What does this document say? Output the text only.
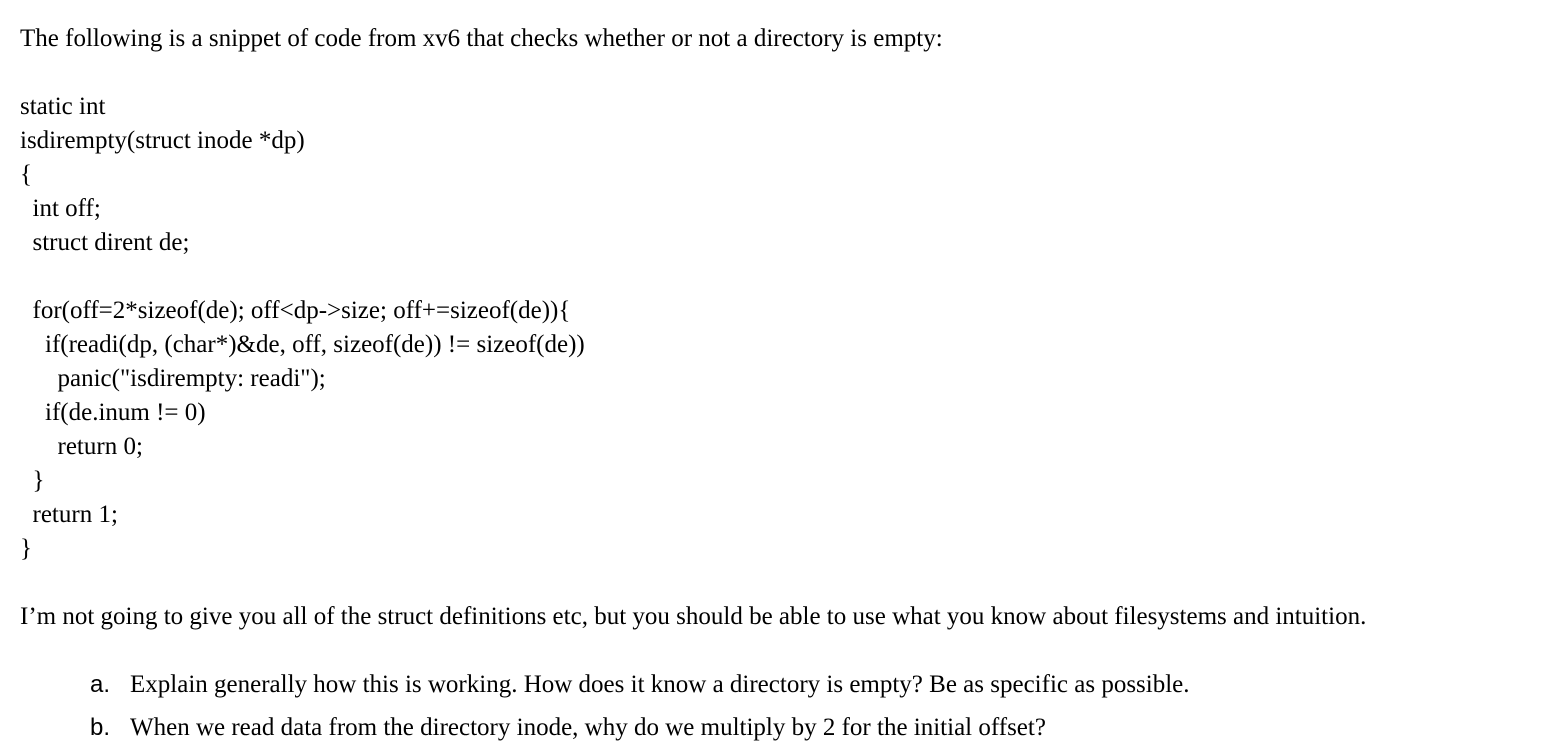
The following is a snippet of code from xv6 that checks whether or not a directory is empty:

static int
isdirempty(struct inode *dp)
{
int off;
struct dirent de;
for(off=2*sizeof(de); off<dp->size; off+=sizeof(de)){
if(readi(dp, (char*)&de, off, sizeof(de)) != sizeof(de))
panic("isdirempty: readi");
if(de.inum != 0)
return 0;
}
return 1;
}

I’m not going to give you all of the struct definitions etc, but you should be able to use what you know about filesystems and intuition.

a. Explain generally how this is working. How does it know a directory is empty? Be as specific as possible.
b. When we read data from the directory inode, why do we multiply by 2 for the initial offset?
